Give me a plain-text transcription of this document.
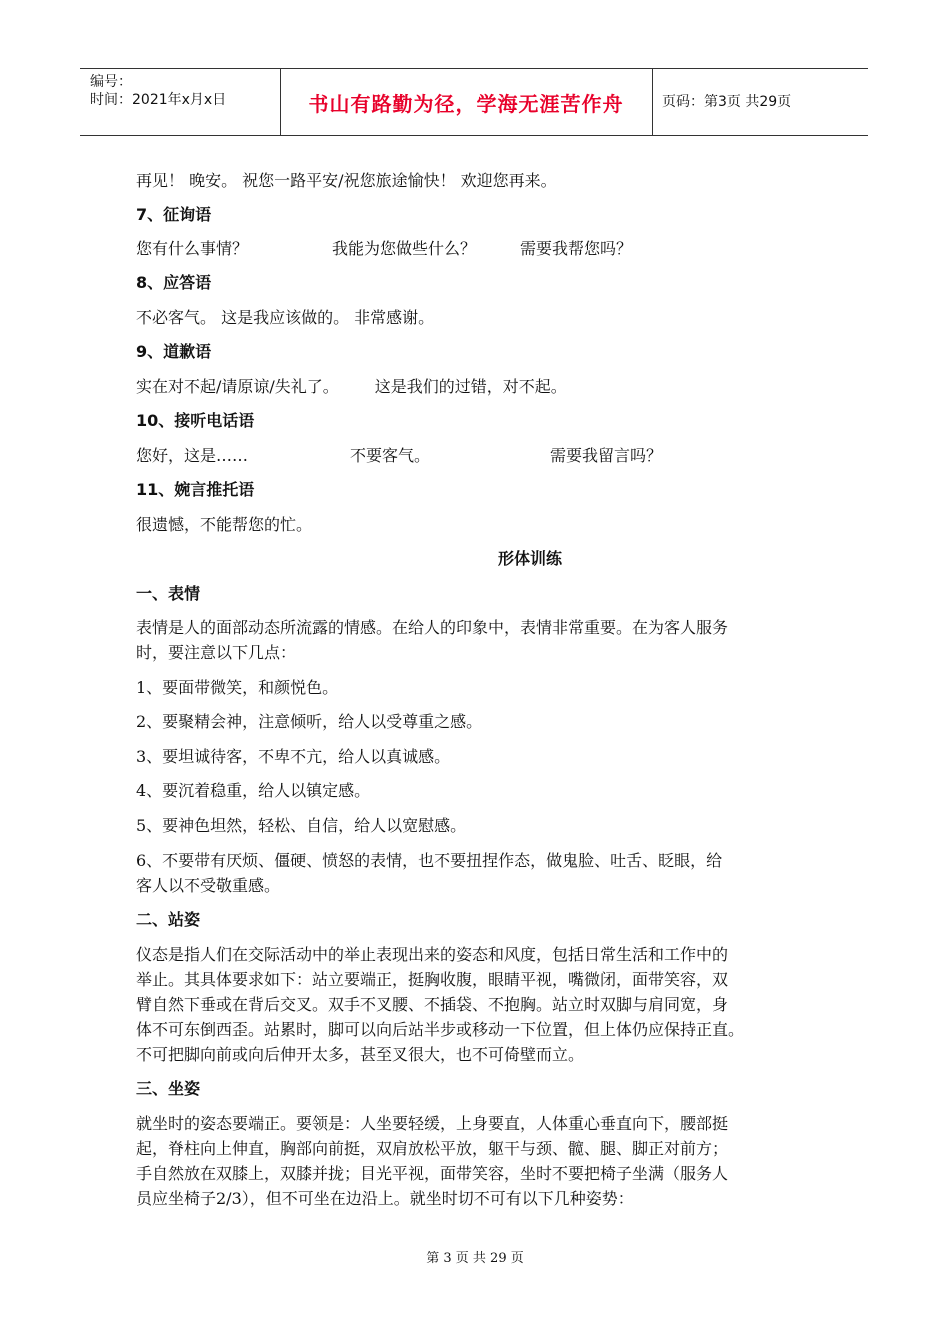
编号：
时间：2021年x月x日	书山有路勤为径，学海无涯苦作舟	页码：第3页 共29页
再见！ 晚安。 祝您一路平安/祝您旅途愉快！ 欢迎您再来。
7、征询语
您有什么事情？	我能为您做些什么？	需要我帮您吗？
8、应答语
不必客气。 这是我应该做的。 非常感谢。
9、道歉语
实在对不起/请原谅/失礼了。 这是我们的过错，对不起。
10、接听电话语
您好，这是……	不要客气。	需要我留言吗？
11、婉言推托语
很遗憾，不能帮您的忙。
形体训练
一、表情
表情是人的面部动态所流露的情感。在给人的印象中，表情非常重要。在为客人服务
时，要注意以下几点：
1、要面带微笑，和颜悦色。
2、要聚精会神，注意倾听，给人以受尊重之感。
3、要坦诚待客，不卑不亢，给人以真诚感。
4、要沉着稳重，给人以镇定感。
5、要神色坦然，轻松、自信，给人以宽慰感。
6、不要带有厌烦、僵硬、愤怒的表情，也不要扭捏作态，做鬼脸、吐舌、眨眼，给
客人以不受敬重感。
二、站姿
仪态是指人们在交际活动中的举止表现出来的姿态和风度，包括日常生活和工作中的
举止。其具体要求如下：站立要端正，挺胸收腹，眼睛平视，嘴微闭，面带笑容，双
臂自然下垂或在背后交叉。双手不叉腰、不插袋、不抱胸。站立时双脚与肩同宽，身
体不可东倒西歪。站累时，脚可以向后站半步或移动一下位置，但上体仍应保持正直。
不可把脚向前或向后伸开太多，甚至叉很大，也不可倚壁而立。
三、坐姿
就坐时的姿态要端正。要领是：人坐要轻缓，上身要直，人体重心垂直向下，腰部挺
起，脊柱向上伸直，胸部向前挺，双肩放松平放，躯干与颈、髋、腿、脚正对前方；
手自然放在双膝上，双膝并拢；目光平视，面带笑容，坐时不要把椅子坐满（服务人
员应坐椅子2/3），但不可坐在边沿上。就坐时切不可有以下几种姿势：
第 3 页 共 29 页
